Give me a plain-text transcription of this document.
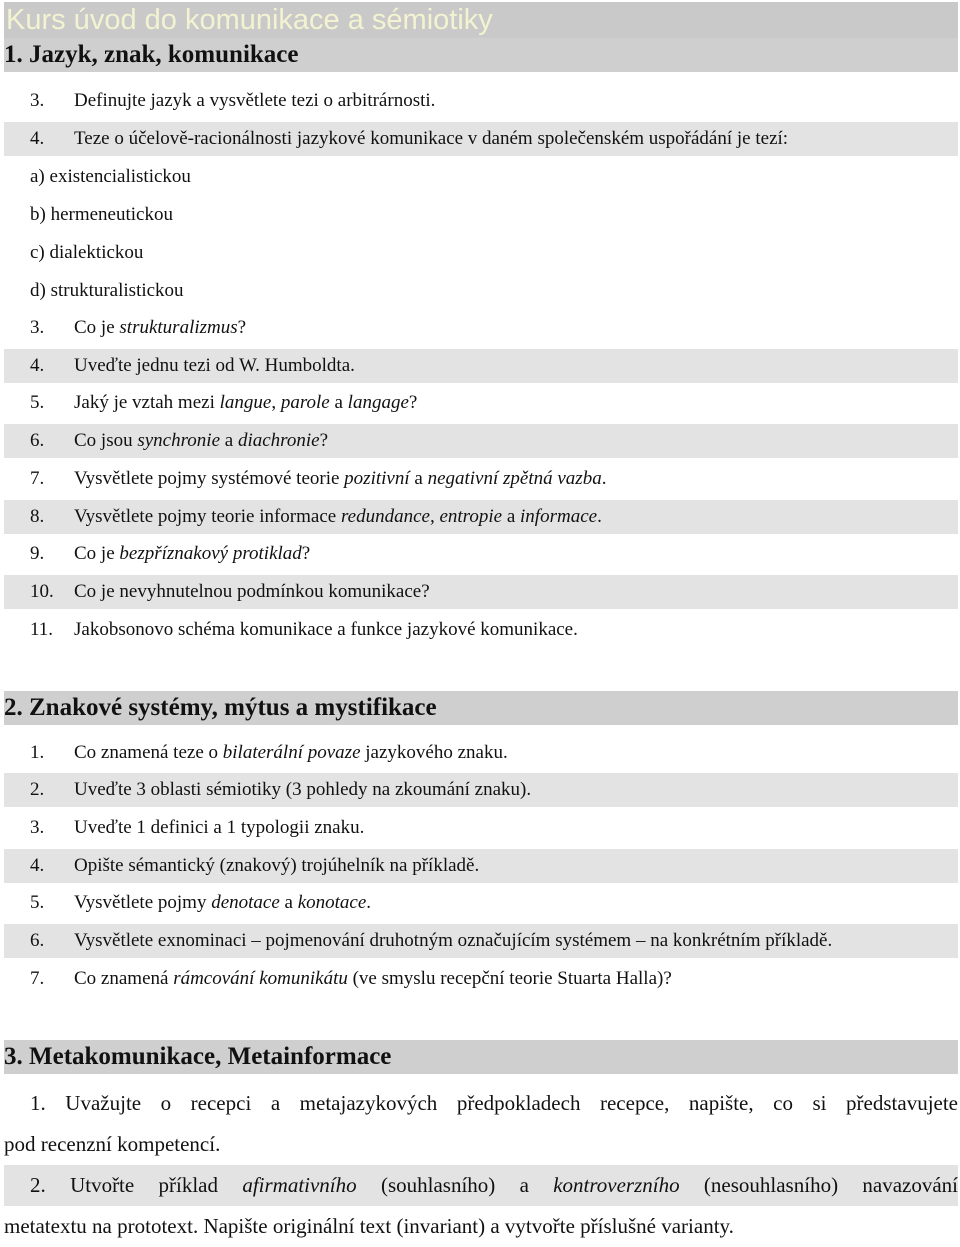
Kurs úvod do komunikace a sémiotiky
1. Jazyk, znak, komunikace
3.	Definujte jazyk a vysvětlete tezi o arbitrárnosti.
4.	Teze o účelově-racionálnosti jazykové komunikace v daném společenském uspořádání je tezí:
a) existencialistickou
b) hermeneutickou
c) dialektickou
d) strukturalistickou
3.	Co je strukturalizmus?
4.	Uveďte jednu tezi od W. Humboldta.
5.	Jaký je vztah mezi langue, parole a langage?
6.	Co jsou synchronie a diachronie?
7.	Vysvětlete pojmy systémové teorie pozitivní a negativní zpětná vazba.
8.	Vysvětlete pojmy teorie informace redundance, entropie a informace.
9.	Co je bezpříznakový protiklad?
10.	Co je nevyhnutelnou podmínkou komunikace?
11.	Jakobsonovo schéma komunikace a funkce jazykové komunikace.
2. Znakové systémy, mýtus a mystifikace
1.	Co znamená teze o bilaterální povaze jazykového znaku.
2.	Uveďte 3 oblasti sémiotiky (3 pohledy na zkoumání znaku).
3.	Uveďte 1 definici a 1 typologii znaku.
4.	Opište sémantický (znakový) trojúhelník na příkladě.
5.	Vysvětlete pojmy denotace a konotace.
6.	Vysvětlete exnominaci – pojmenování druhotným označujícím systémem – na konkrétním příkladě.
7.	Co znamená rámcování komunikátu (ve smyslu recepční teorie Stuarta Halla)?
3. Metakomunikace, Metainformace
1. Uvažujte o recepci a metajazykových předpokladech recepce, napište, co si představujete
pod recenzní kompetencí.
2. Utvořte příklad afirmativního (souhlasního) a kontroverzního (nesouhlasního) navazování
metatextu na prototext. Napište originální text (invariant) a vytvořte příslušné varianty.
